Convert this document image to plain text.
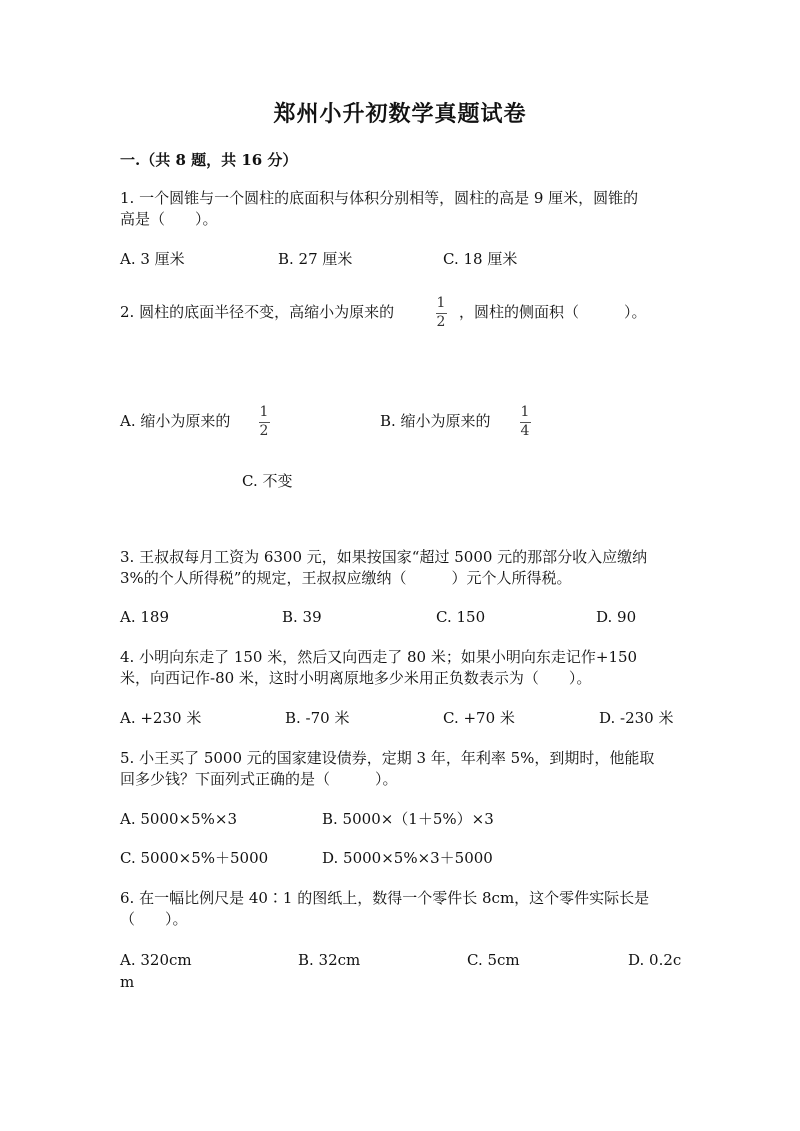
郑州小升初数学真题试卷
一.（共 8 题，共 16 分）
1. 一个圆锥与一个圆柱的底面积与体积分别相等，圆柱的高是 9 厘米，圆锥的
高是（　　）。
A. 3 厘米	B. 27 厘米	C. 18 厘米
2. 圆柱的底面半径不变，高缩小为原来的	1
2
，圆柱的侧面积（　　　）。
A. 缩小为原来的 1
2
B. 缩小为原来的 1
4
C. 不变
3. 王叔叔每月工资为 6300 元，如果按国家“超过 5000 元的那部分收入应缴纳
3%的个人所得税”的规定，王叔叔应缴纳（　　　）元个人所得税。
A. 189	B. 39	C. 150	D. 90
4. 小明向东走了 150 米，然后又向西走了 80 米；如果小明向东走记作+150
米，向西记作-80 米，这时小明离原地多少米用正负数表示为（　　）。
A. +230 米	B. -70 米	C. +70 米	D. -230 米
5. 小王买了 5000 元的国家建设债券，定期 3 年，年利率 5%，到期时，他能取
回多少钱？下面列式正确的是（　　　）。
A. 5000×5%×3	B. 5000×（1＋5%）×3
C. 5000×5%＋5000	D. 5000×5%×3＋5000
6. 在一幅比例尺是 40∶1 的图纸上，数得一个零件长 8cm，这个零件实际长是
（　　）。
A. 320cm	B. 32cm	C. 5cm	D. 0.2c
m
